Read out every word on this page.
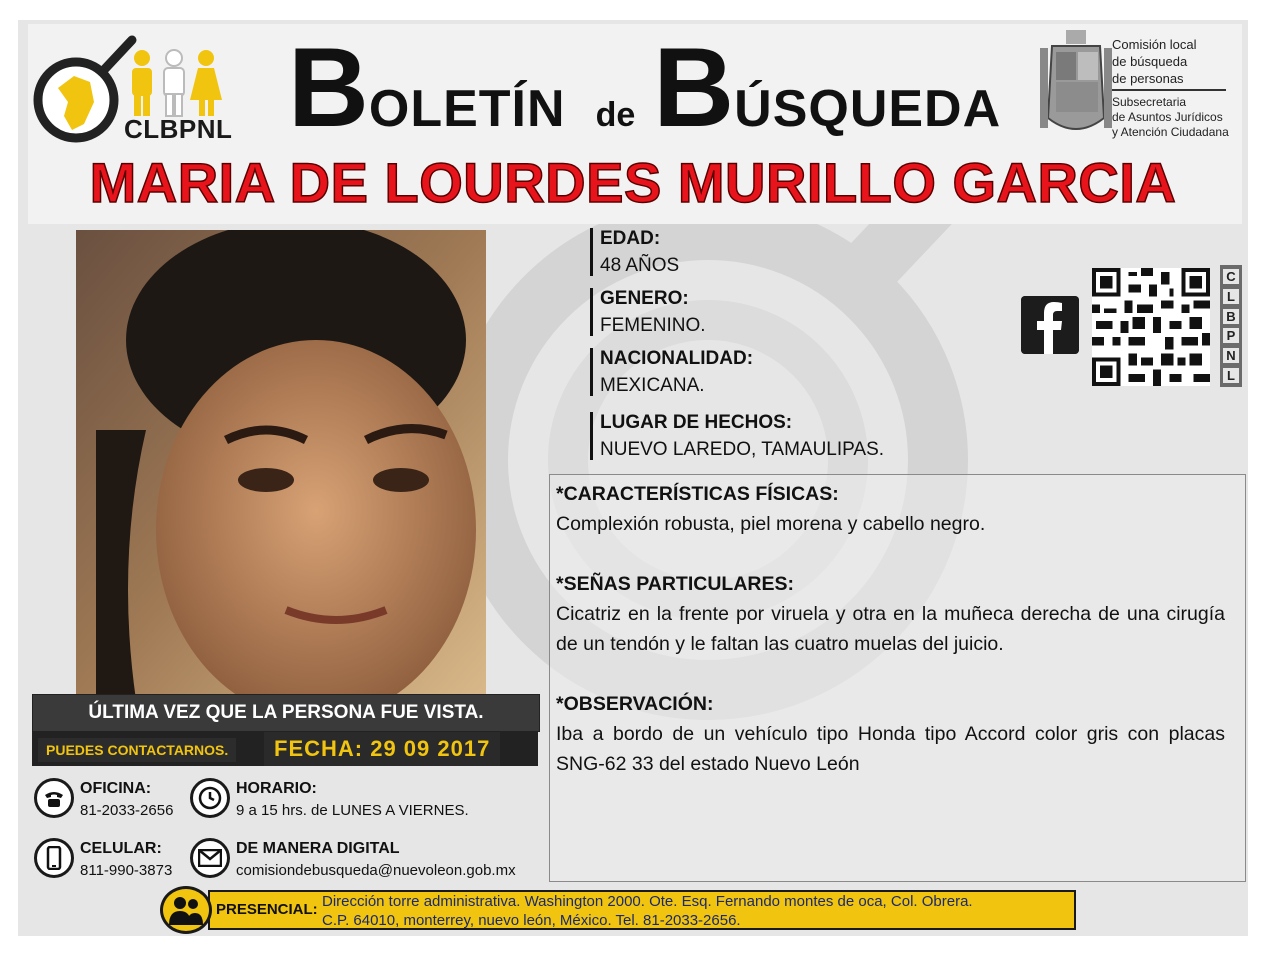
CLBPNL B OLETÍN de B ÚSQUEDA
Comisión local
de búsqueda
de personas
Subsecretaria
de Asuntos Jurídicos
y Atención Ciudadana
MARIA DE LOURDES MURILLO GARCIA
EDAD:
48 AÑOS
GENERO:
FEMENINO.
NACIONALIDAD:
MEXICANA.
LUGAR DE HECHOS:
NUEVO LAREDO, TAMAULIPAS.
C
L
B
P
N
L

*CARACTERÍSTICAS FÍSICAS:

Complexión robusta, piel morena y cabello negro.

*SEÑAS PARTICULARES:

Cicatriz en la frente por viruela y otra en la muñeca derecha de una cirugía de un tendón y le faltan las cuatro muelas del juicio.

*OBSERVACIÓN:

Iba a bordo de un vehículo tipo Honda tipo Accord color gris con placas SNG-62 33 del estado Nuevo León

ÚLTIMA VEZ QUE LA PERSONA FUE VISTA.
PUEDES CONTACTARNOS.	FECHA: 29 09 2017
OFICINA:
81-2033-2656
HORARIO:
9 a 15 hrs. de LUNES A VIERNES.
CELULAR:
811-990-3873
DE MANERA DIGITAL
comisiondebusqueda@nuevoleon.gob.mx
PRESENCIAL: Dirección torre administrativa. Washington 2000. Ote. Esq. Fernando montes de oca, Col. Obrera.
C.P. 64010, monterrey, nuevo león, México. Tel. 81-2033-2656.
